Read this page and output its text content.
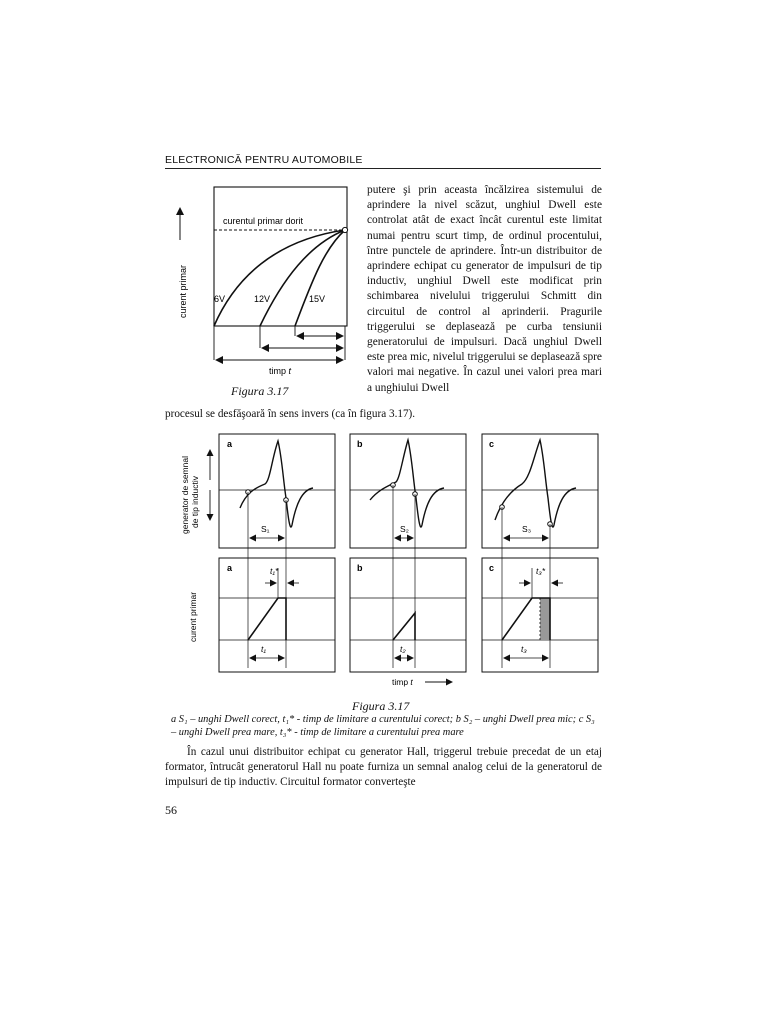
ELECTRONICĂ PENTRU AUTOMOBILE
curentul primar dorit
curent primar	6V	12V	15V
timp t
Figura 3.17
putere şi prin aceasta încălzirea sistemului de aprindere la nivel scăzut, unghiul Dwell este controlat atât de exact încât curentul este limitat numai pentru scurt timp, de ordinul procentului, între punctele de aprindere. Într-un distribuitor de aprindere echipat cu generator de impulsuri de tip inductiv, unghiul Dwell este modificat prin schimbarea nivelului triggerului Schmitt din circuitul de control al aprinderii. Pragurile triggerului se deplasează pe curba tensiunii generatorului de impulsuri. Dacă unghiul Dwell este prea mic, nivelul triggerului se deplasează spre valori mai negative. În cazul unei valori prea mari a unghiului Dwell
procesul se desfăşoară în sens invers (ca în figura 3.17).
generator de semnal de tip inductiv
curent primar
a
S₁
b
S₂
c
S₃
a	t₁*
t₁
b
t₂
c	t₃*
t₃
timp t
Figura 3.17
a S₁ – unghi Dwell corect, t₁* - timp de limitare a curentului corect; b S₂ – unghi Dwell prea mic; c S₃ – unghi Dwell prea mare, t₃* - timp de limitare a curentului prea mare

În cazul unui distribuitor echipat cu generator Hall, triggerul trebuie precedat de un etaj formator, întrucât generatorul Hall nu poate furniza un semnal analog celui de la generatorul de impulsuri de tip inductiv. Circuitul formator converteşte

56
